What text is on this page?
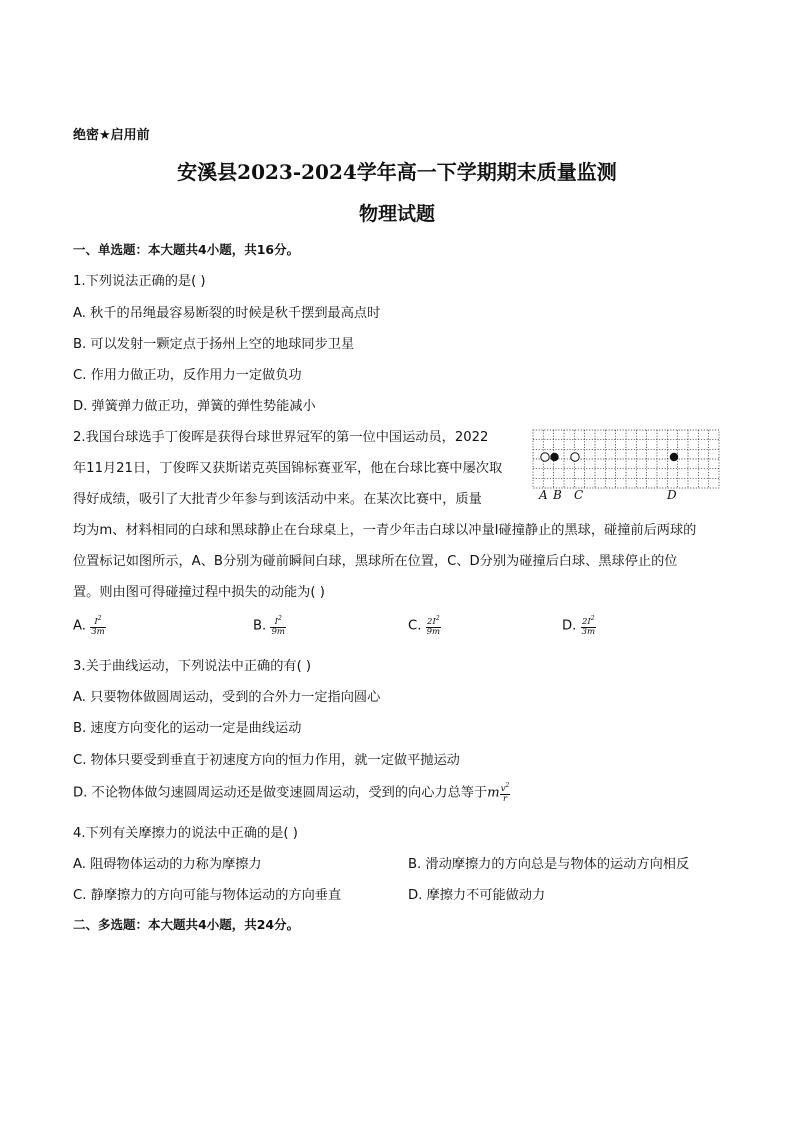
绝密★启用前
安溪县2023-2024学年高一下学期期末质量监测
物理试题
一、单选题：本大题共4小题，共16分。
1.下列说法正确的是( )
A. 秋千的吊绳最容易断裂的时候是秋千摆到最高点时
B. 可以发射一颗定点于扬州上空的地球同步卫星
C. 作用力做正功，反作用力一定做负功
D. 弹簧弹力做正功，弹簧的弹性势能减小
2.我国台球选手丁俊晖是获得台球世界冠军的第一位中国运动员，2022
年11月21日，丁俊晖又获斯诺克英国锦标赛亚军，他在台球比赛中屡次取
得好成绩，吸引了大批青少年参与到该活动中来。在某次比赛中，质量
均为m、材料相同的白球和黑球静止在台球桌上，一青少年击白球以冲量I碰撞静止的黑球，碰撞前后两球的
位置标记如图所示，A、B分别为碰前瞬间白球，黑球所在位置，C、D分别为碰撞后白球、黑球停止的位
置。则由图可得碰撞过程中损失的动能为( )
A B C	D
A. $\frac{I^2}{3m}$	B. $\frac{I^2}{9m}$	C. $\frac{2I^2}{9m}$	D. $\frac{2I^2}{3m}$
3.关于曲线运动，下列说法中正确的有( )
A. 只要物体做圆周运动，受到的合外力一定指向圆心
B. 速度方向变化的运动一定是曲线运动
C. 物体只要受到垂直于初速度方向的恒力作用，就一定做平抛运动
D. 不论物体做匀速圆周运动还是做变速圆周运动，受到的向心力总等于m $\frac{v^2}{r}$
4.下列有关摩擦力的说法中正确的是( )
A. 阻碍物体运动的力称为摩擦力	B. 滑动摩擦力的方向总是与物体的运动方向相反
C. 静摩擦力的方向可能与物体运动的方向垂直	D. 摩擦力不可能做动力
二、多选题：本大题共4小题，共24分。
